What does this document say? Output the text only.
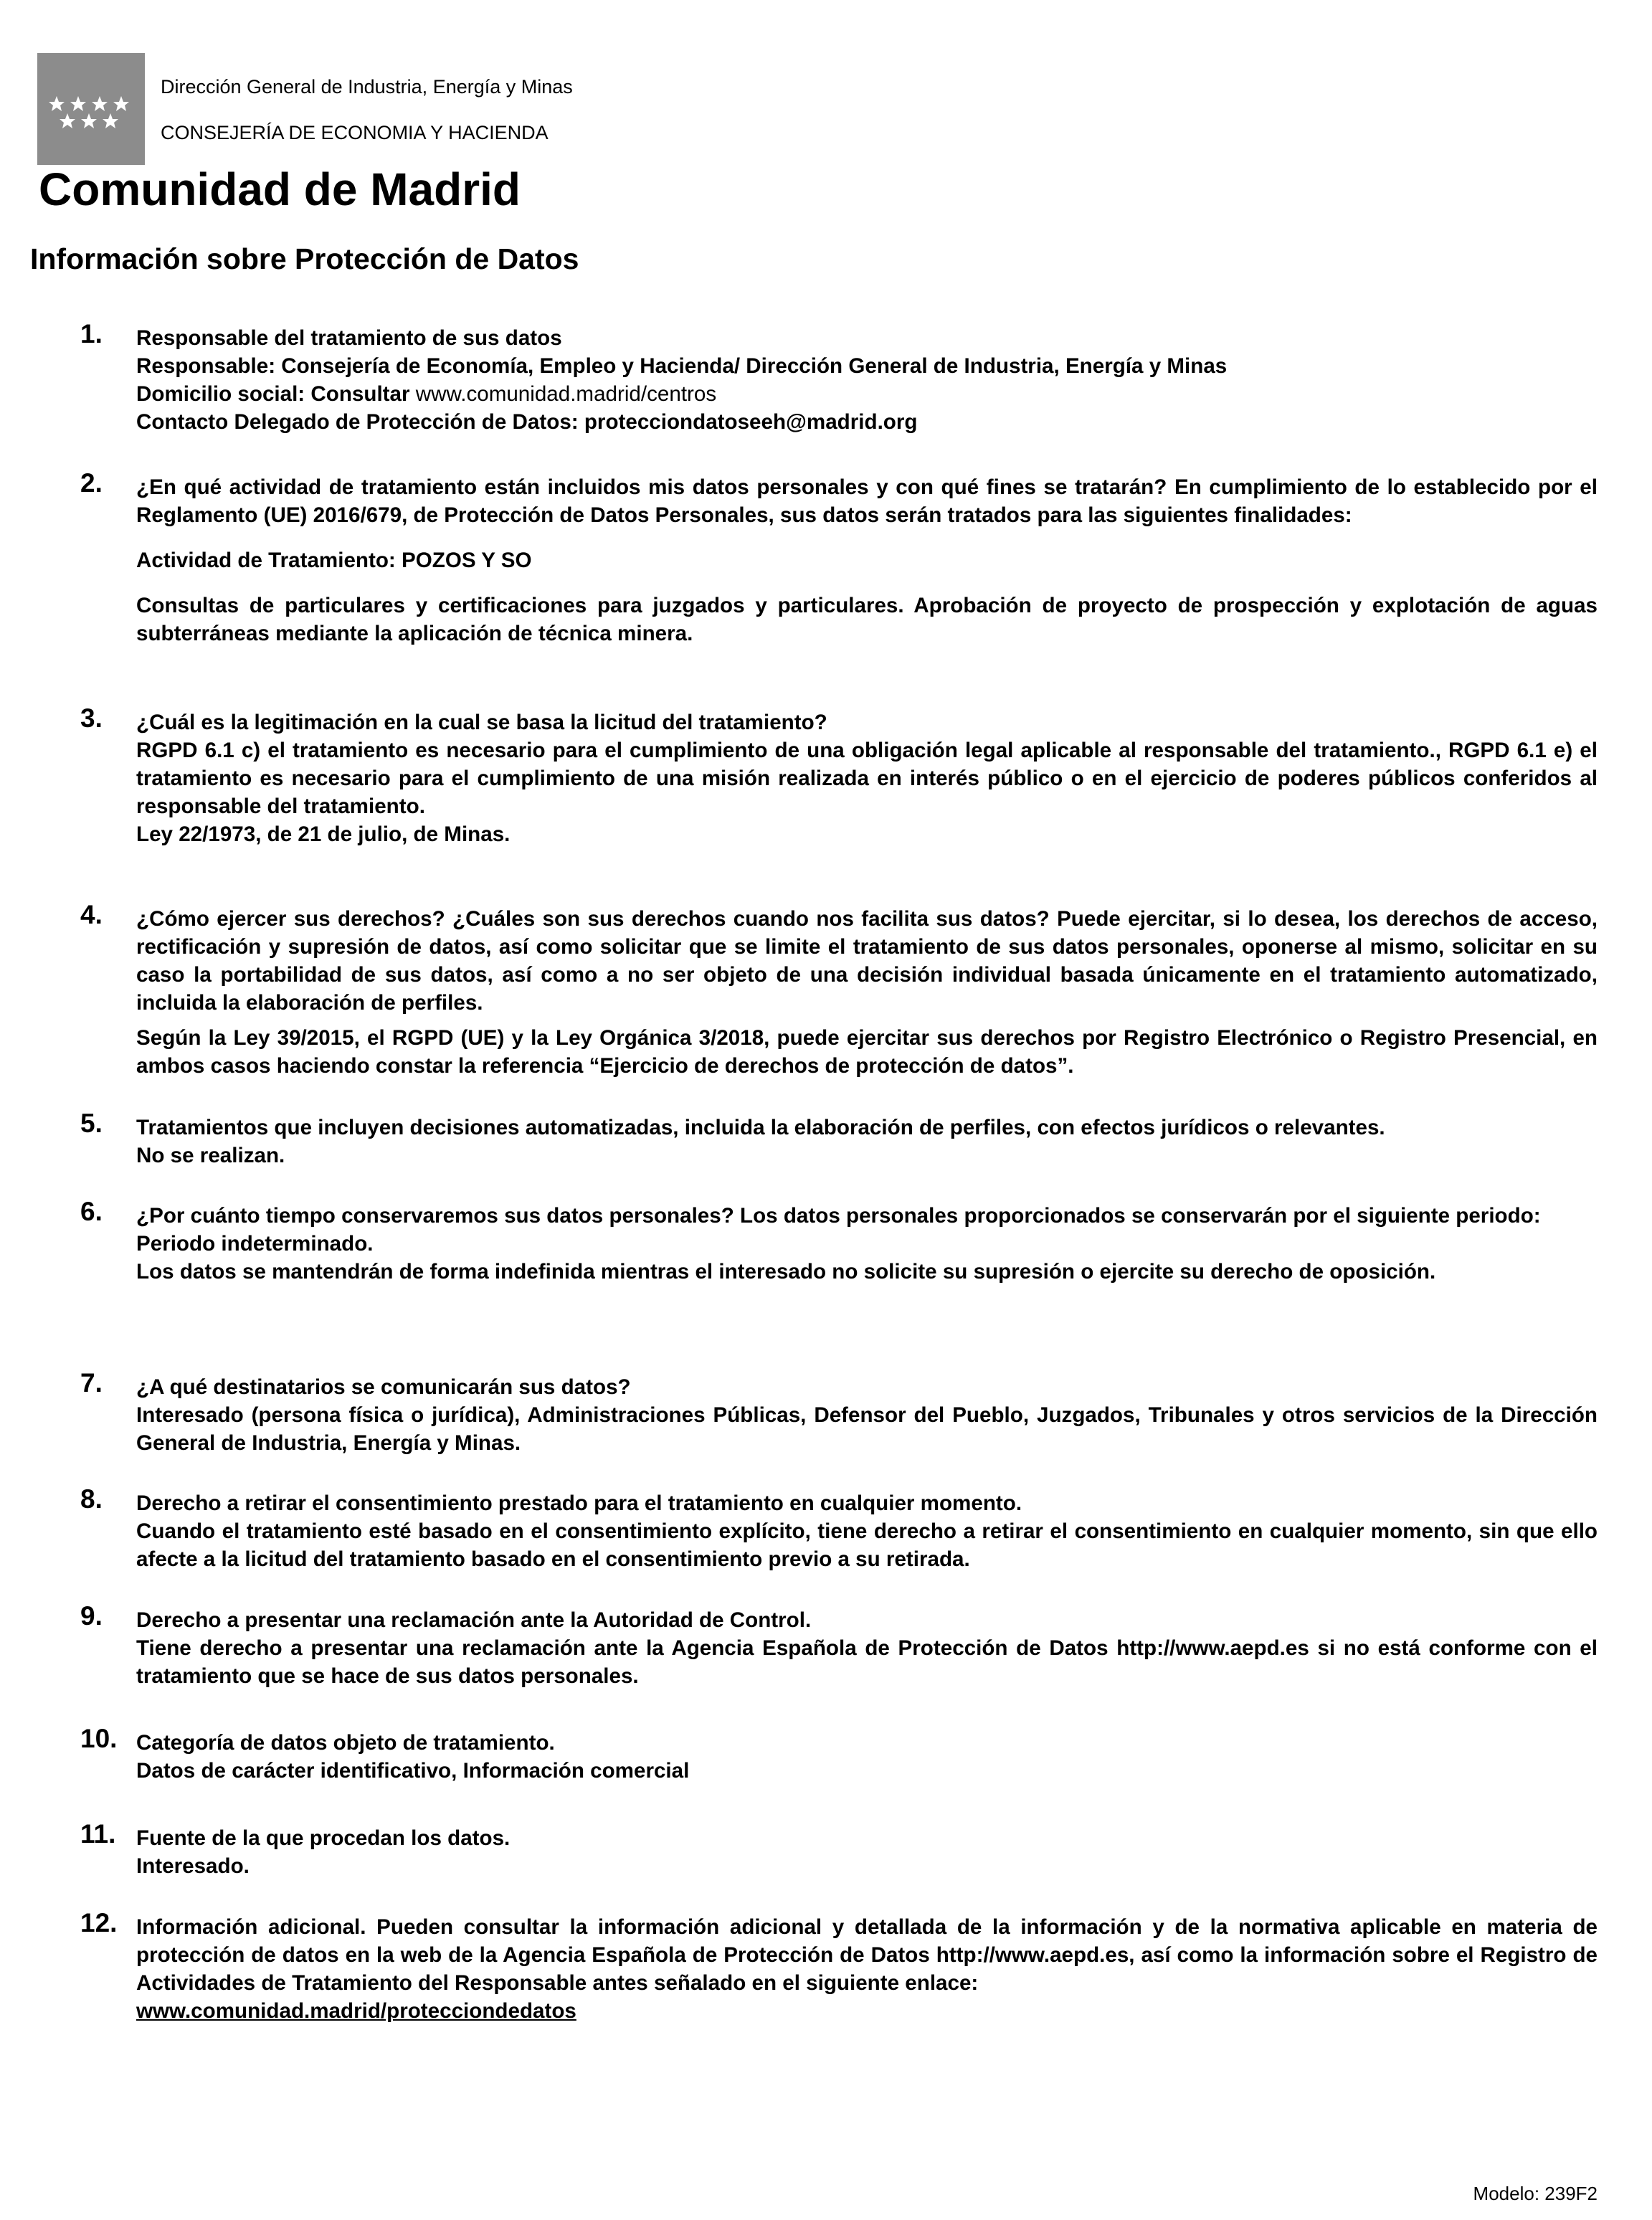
Dirección General de Industria, Energía y Minas
CONSEJERÍA DE ECONOMIA Y HACIENDA
Comunidad de Madrid
Información sobre Protección de Datos
1. Responsable del tratamiento de sus datos

Responsable: Consejería de Economía, Empleo y Hacienda/ Dirección General de Industria, Energía y Minas

Domicilio social: Consultar www.comunidad.madrid/centros

Contacto Delegado de Protección de Datos: protecciondatoseeh@madrid.org

2. ¿En qué actividad de tratamiento están incluidos mis datos personales y con qué fines se tratarán? En cumplimiento de lo establecido por el Reglamento (UE) 2016/679, de Protección de Datos Personales, sus datos serán tratados para las siguientes finalidades:

Actividad de Tratamiento: POZOS Y SO

Consultas de particulares y certificaciones para juzgados y particulares. Aprobación de proyecto de prospección y explotación de aguas subterráneas mediante la aplicación de técnica minera.

3. ¿Cuál es la legitimación en la cual se basa la licitud del tratamiento?

RGPD 6.1 c) el tratamiento es necesario para el cumplimiento de una obligación legal aplicable al responsable del tratamiento., RGPD 6.1 e) el tratamiento es necesario para el cumplimiento de una misión realizada en interés público o en el ejercicio de poderes públicos conferidos al responsable del tratamiento.

Ley 22/1973, de 21 de julio, de Minas.

4. ¿Cómo ejercer sus derechos? ¿Cuáles son sus derechos cuando nos facilita sus datos? Puede ejercitar, si lo desea, los derechos de acceso, rectificación y supresión de datos, así como solicitar que se limite el tratamiento de sus datos personales, oponerse al mismo, solicitar en su caso la portabilidad de sus datos, así como a no ser objeto de una decisión individual basada únicamente en el tratamiento automatizado, incluida la elaboración de perfiles.

Según la Ley 39/2015, el RGPD (UE) y la Ley Orgánica 3/2018, puede ejercitar sus derechos por Registro Electrónico o Registro Presencial, en ambos casos haciendo constar la referencia “Ejercicio de derechos de protección de datos”.

5. Tratamientos que incluyen decisiones automatizadas, incluida la elaboración de perfiles, con efectos jurídicos o relevantes.

No se realizan.

6. ¿Por cuánto tiempo conservaremos sus datos personales? Los datos personales proporcionados se conservarán por el siguiente periodo:

Periodo indeterminado.

Los datos se mantendrán de forma indefinida mientras el interesado no solicite su supresión o ejercite su derecho de oposición.

7. ¿A qué destinatarios se comunicarán sus datos?

Interesado (persona física o jurídica), Administraciones Públicas, Defensor del Pueblo, Juzgados, Tribunales y otros servicios de la Dirección General de Industria, Energía y Minas.

8. Derecho a retirar el consentimiento prestado para el tratamiento en cualquier momento.

Cuando el tratamiento esté basado en el consentimiento explícito, tiene derecho a retirar el consentimiento en cualquier momento, sin que ello afecte a la licitud del tratamiento basado en el consentimiento previo a su retirada.

9. Derecho a presentar una reclamación ante la Autoridad de Control.

Tiene derecho a presentar una reclamación ante la Agencia Española de Protección de Datos http://www.aepd.es si no está conforme con el tratamiento que se hace de sus datos personales.

10. Categoría de datos objeto de tratamiento.

Datos de carácter identificativo, Información comercial

11. Fuente de la que procedan los datos.

Interesado.

12. Información adicional. Pueden consultar la información adicional y detallada de la información y de la normativa aplicable en materia de protección de datos en la web de la Agencia Española de Protección de Datos http://www.aepd.es, así como la información sobre el Registro de Actividades de Tratamiento del Responsable antes señalado en el siguiente enlace:

www.comunidad.madrid/protecciondedatos

Modelo: 239F2
